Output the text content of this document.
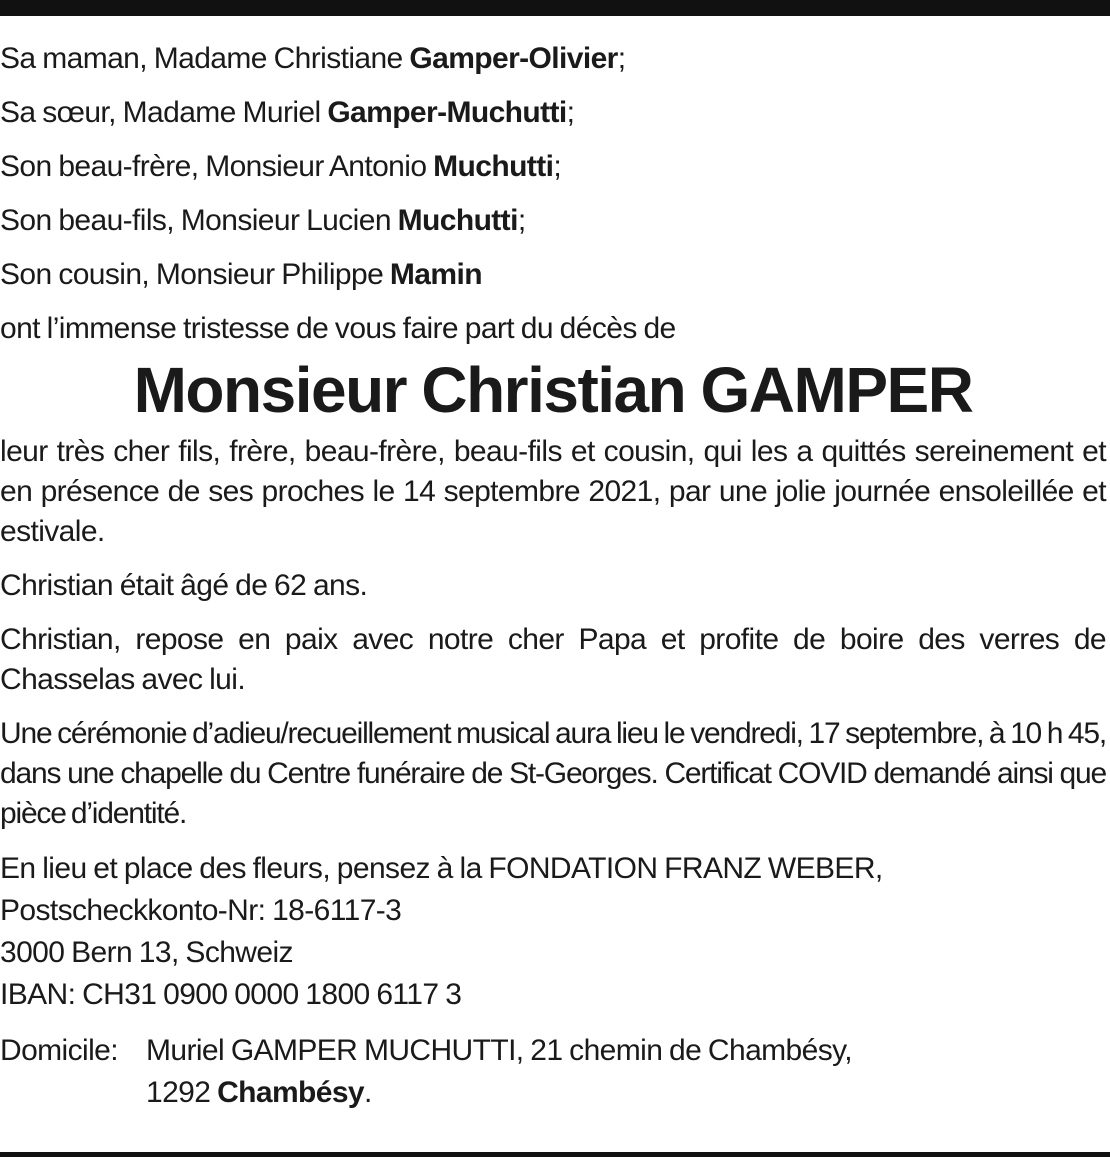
Sa maman, Madame Christiane Gamper-Olivier;
Sa sœur, Madame Muriel Gamper-Muchutti;
Son beau-frère, Monsieur Antonio Muchutti;
Son beau-fils, Monsieur Lucien Muchutti;
Son cousin, Monsieur Philippe Mamin
ont l’immense tristesse de vous faire part du décès de
Monsieur Christian GAMPER
leur très cher fils, frère, beau-frère, beau-fils et cousin, qui les a quittés sereinement et en présence de ses proches le 14 septembre 2021, par une jolie journée ensoleillée et estivale.
Christian était âgé de 62 ans.
Christian, repose en paix avec notre cher Papa et profite de boire des verres de Chasselas avec lui.
Une cérémonie d’adieu/recueillement musical aura lieu le vendredi, 17 septembre, à 10 h 45, dans une chapelle du Centre funéraire de St-Georges. Certificat COVID demandé ainsi que pièce d’identité.
En lieu et place des fleurs, pensez à la FONDATION FRANZ WEBER,
Postscheckkonto-Nr: 18-6117-3
3000 Bern 13, Schweiz
IBAN: CH31 0900 0000 1800 6117 3
Domicile: Muriel GAMPER MUCHUTTI, 21 chemin de Chambésy,
1292 Chambésy.
